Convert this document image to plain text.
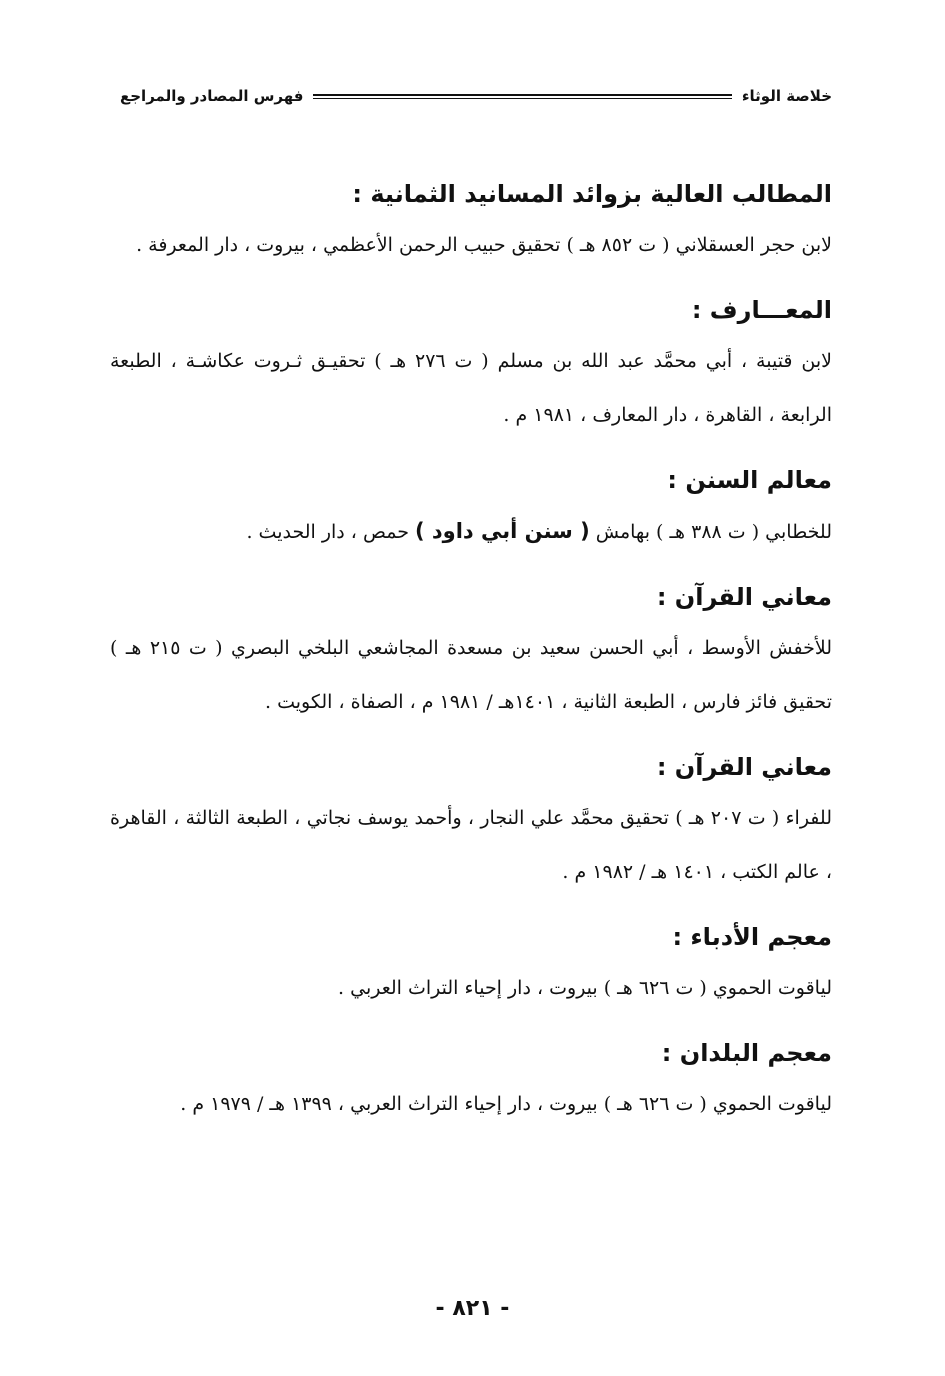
خلاصة الوثاء
فهرس المصادر والمراجع

المطالب العالية بزوائد المسانيد الثمانية :

لابن حجر العسقلاني ( ت ٨٥٢ هـ ) تحقيق حبيب الرحمن الأعظمي ، بيروت ، دار المعرفة .

المعـــارف :

لابن قتيبة ، أبي محمَّد عبد الله بن مسلم ( ت ٢٧٦ هـ ) تحقيـق ثـروت عكاشـة ، الطبعة الرابعة ، القاهرة ، دار المعارف ، ١٩٨١ م .

معالم السنن :

للخطابي ( ت ٣٨٨ هـ ) بهامش ( سنن أبي داود ) حمص ، دار الحديث .

معاني القرآن :

للأخفش الأوسط ، أبي الحسن سعيد بن مسعدة المجاشعي البلخي البصري ( ت ٢١٥ هـ ) تحقيق فائز فارس ، الطبعة الثانية ، ١٤٠١هـ / ١٩٨١ م ، الصفاة ، الكويت .

معاني القرآن :

للفراء ( ت ٢٠٧ هـ ) تحقيق محمَّد علي النجار ، وأحمد يوسف نجاتي ، الطبعة الثالثة ، القاهرة ، عالم الكتب ، ١٤٠١ هـ / ١٩٨٢ م .

معجم الأدباء :

لياقوت الحموي ( ت ٦٢٦ هـ ) بيروت ، دار إحياء التراث العربي .

معجم البلدان :

لياقوت الحموي ( ت ٦٢٦ هـ ) بيروت ، دار إحياء التراث العربي ، ١٣٩٩ هـ / ١٩٧٩ م .

- ٨٢١ -
